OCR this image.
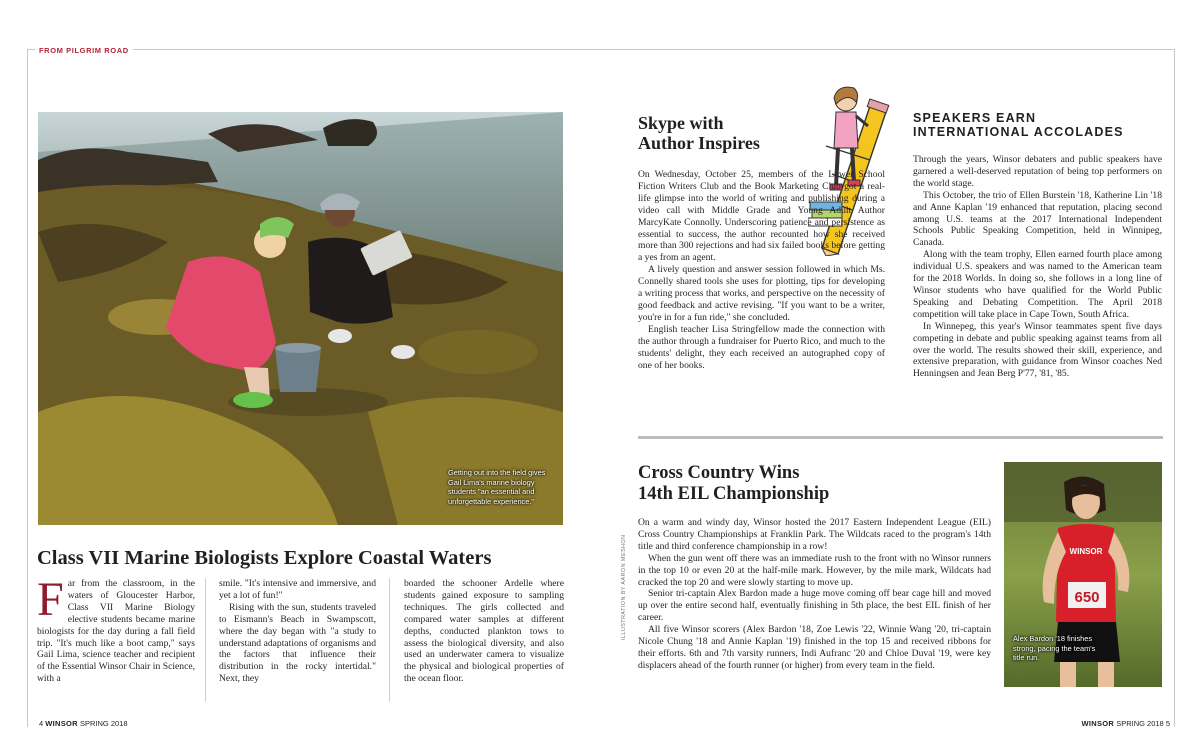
FROM PILGRIM ROAD
Getting out into the field gives Gail Lima's marine biology students "an essential and unforgettable experience."
Class VII Marine Biologists Explore Coastal Waters
F ar from the classroom, in the waters of Gloucester Harbor, Class VII Marine Biology elective students became marine biologists for the day during a fall field trip. "It's much like a boot camp," says Gail Lima, science teacher and recipient of the Essential Winsor Chair in Science, with a

smile. "It's intensive and immersive, and yet a lot of fun!"

Rising with the sun, students traveled to Eismann's Beach in Swampscott, where the day began with "a study to understand adaptations of organisms and the factors that influence their distribution in the rocky intertidal." Next, they

boarded the schooner Ardelle where students gained exposure to sampling techniques. The girls collected and compared water samples at different depths, conducted plankton tows to assess the biological diversity, and also used an underwater camera to visualize the physical and biological properties of the ocean floor.

4 WINSOR SPRING 2018
Skype with
Author Inspires
ILLUSTRATION BY AARON MESHON

On Wednesday, October 25, members of the Lower School Fiction Writers Club and the Book Marketing Club got a real-life glimpse into the world of writing and publishing during a video call with Middle Grade and Young Adult Author MarcyKate Connolly. Underscoring patience and persistence as essential to success, the author recounted how she received more than 300 rejections and had six failed books before getting a yes from an agent.

A lively question and answer session followed in which Ms. Connelly shared tools she uses for plotting, tips for developing a writing process that works, and perspective on the necessity of good feedback and active revising. "If you want to be a writer, you're in for a fun ride," she concluded.

English teacher Lisa Stringfellow made the connection with the author through a fundraiser for Puerto Rico, and much to the students' delight, they each received an autographed copy of one of her books.

SPEAKERS EARN
INTERNATIONAL ACCOLADES

Through the years, Winsor debaters and public speakers have garnered a well-deserved reputation of being top performers on the world stage.

This October, the trio of Ellen Burstein '18, Katherine Lin '18 and Anne Kaplan '19 enhanced that reputation, placing second among U.S. teams at the 2017 International Independent Schools Public Speaking Competition, held in Winnipeg, Canada.

Along with the team trophy, Ellen earned fourth place among individual U.S. speakers and was named to the American team for the 2018 Worlds. In doing so, she follows in a long line of Winsor students who have qualified for the World Public Speaking and Debating Competition. The April 2018 competition will take place in Cape Town, South Africa.

In Winnepeg, this year's Winsor teammates spent five days competing in debate and public speaking against teams from all over the world. The results showed their skill, experience, and extensive preparation, with guidance from Winsor coaches Ned Henningsen and Jean Berg P'77, '81, '85.

Cross Country Wins
14th EIL Championship

On a warm and windy day, Winsor hosted the 2017 Eastern Independent League (EIL) Cross Country Championships at Franklin Park. The Wildcats raced to the program's 14th title and third conference championship in a row!

When the gun went off there was an immediate rush to the front with no Winsor runners in the top 10 or even 20 at the half-mile mark. However, by the mile mark, Wildcats had cracked the top 20 and were slowly starting to move up.

Senior tri-captain Alex Bardon made a huge move coming off bear cage hill and moved up over the entire second half, eventually finishing in 5th place, the best EIL finish of her career.

All five Winsor scorers (Alex Bardon '18, Zoe Lewis '22, Winnie Wang '20, tri-captain Nicole Chung '18 and Annie Kaplan '19) finished in the top 15 and received ribbons for their efforts. 6th and 7th varsity runners, Indi Aufranc '20 and Chloe Duval '19, were key displacers ahead of the fourth runner (or higher) from every team in the field.

650
WINSOR
Alex Bardon '18 finishes strong, pacing the team's title run.
WINSOR SPRING 2018 5
